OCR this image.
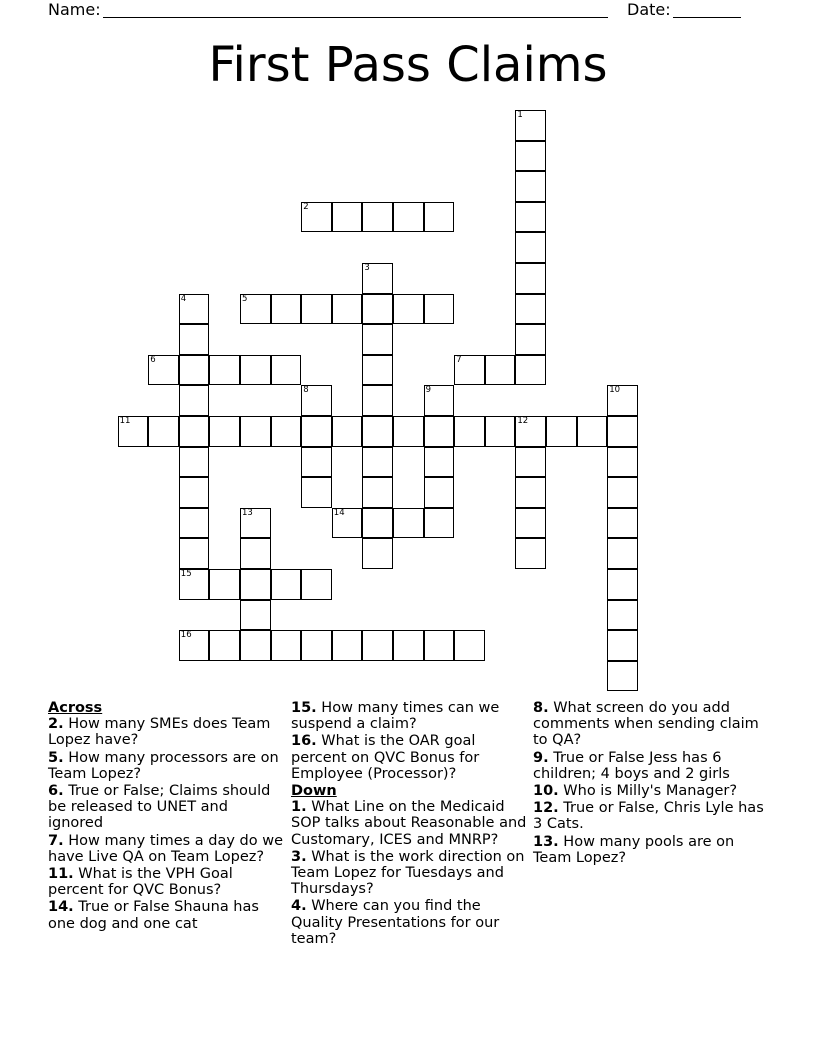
Name:	Date:
First Pass Claims
1
2
3
4	5
6	7
8	9	10
11	12
13	14
15
16

Across

2. How many SMEs does Team Lopez have?

5. How many processors are on Team Lopez?

6. True or False; Claims should be released to UNET and ignored

7. How many times a day do we have Live QA on Team Lopez?

11. What is the VPH Goal percent for QVC Bonus?

14. True or False Shauna has one dog and one cat

15. How many times can we suspend a claim?

16. What is the OAR goal percent on QVC Bonus for Employee (Processor)?

Down

1. What Line on the Medicaid SOP talks about Reasonable and Customary, ICES and MNRP?

3. What is the work direction on Team Lopez for Tuesdays and Thursdays?

4. Where can you find the Quality Presentations for our team?

8. What screen do you add comments when sending claim to QA?

9. True or False Jess has 6 children; 4 boys and 2 girls

10. Who is Milly's Manager?

12. True or False, Chris Lyle has 3 Cats.

13. How many pools are on Team Lopez?
